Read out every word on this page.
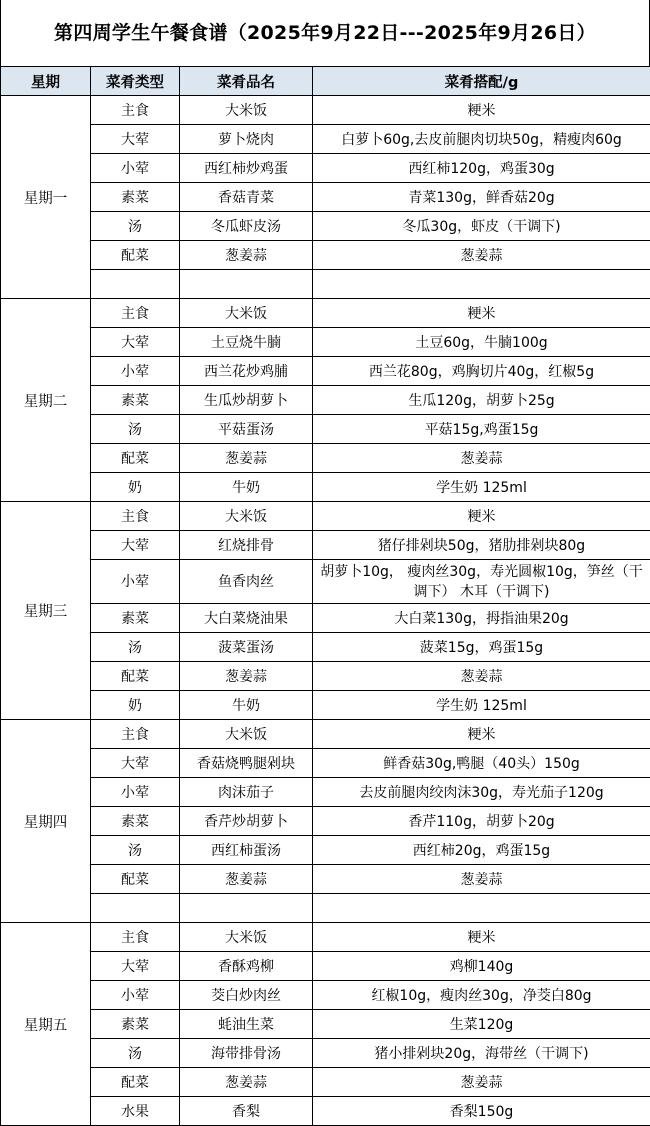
第四周学生午餐食谱（2025年9月22日---2025年9月26日）
星期	菜肴类型	菜肴品名	菜肴搭配/g
星期一	主食	大米饭	粳米
	大荤	萝卜烧肉	白萝卜60g,去皮前腿肉切块50g，精瘦肉60g
	小荤	西红柿炒鸡蛋	西红柿120g，鸡蛋30g
	素菜	香菇青菜	青菜130g，鲜香菇20g
	汤	冬瓜虾皮汤	冬瓜30g，虾皮（干调下)
	配菜	葱姜蒜	葱姜蒜

星期二	主食	大米饭	粳米
	大荤	土豆烧牛腩	土豆60g，牛腩100g
	小荤	西兰花炒鸡脯	西兰花80g，鸡胸切片40g，红椒5g
	素菜	生瓜炒胡萝卜	生瓜120g，胡萝卜25g
	汤	平菇蛋汤	平菇15g,鸡蛋15g
	配菜	葱姜蒜	葱姜蒜
	奶	牛奶	学生奶 125ml
星期三	主食	大米饭	粳米
	大荤	红烧排骨	猪仔排剁块50g，猪肋排剁块80g
	小荤	鱼香肉丝	胡萝卜10g， 瘦肉丝30g，寿光圆椒10g，笋丝（干调下） 木耳（干调下)
	素菜	大白菜烧油果	大白菜130g，拇指油果20g
	汤	菠菜蛋汤	菠菜15g，鸡蛋15g
	配菜	葱姜蒜	葱姜蒜
	奶	牛奶	学生奶 125ml
星期四	主食	大米饭	粳米
	大荤	香菇烧鸭腿剁块	鲜香菇30g,鸭腿（40头）150g
	小荤	肉沫茄子	去皮前腿肉绞肉沫30g，寿光茄子120g
	素菜	香芹炒胡萝卜	香芹110g，胡萝卜20g
	汤	西红柿蛋汤	西红柿20g，鸡蛋15g
	配菜	葱姜蒜	葱姜蒜

星期五	主食	大米饭	粳米
	大荤	香酥鸡柳	鸡柳140g
	小荤	茭白炒肉丝	红椒10g，瘦肉丝30g，净茭白80g
	素菜	蚝油生菜	生菜120g
	汤	海带排骨汤	猪小排剁块20g，海带丝（干调下)
	配菜	葱姜蒜	葱姜蒜
	水果	香梨	香梨150g
